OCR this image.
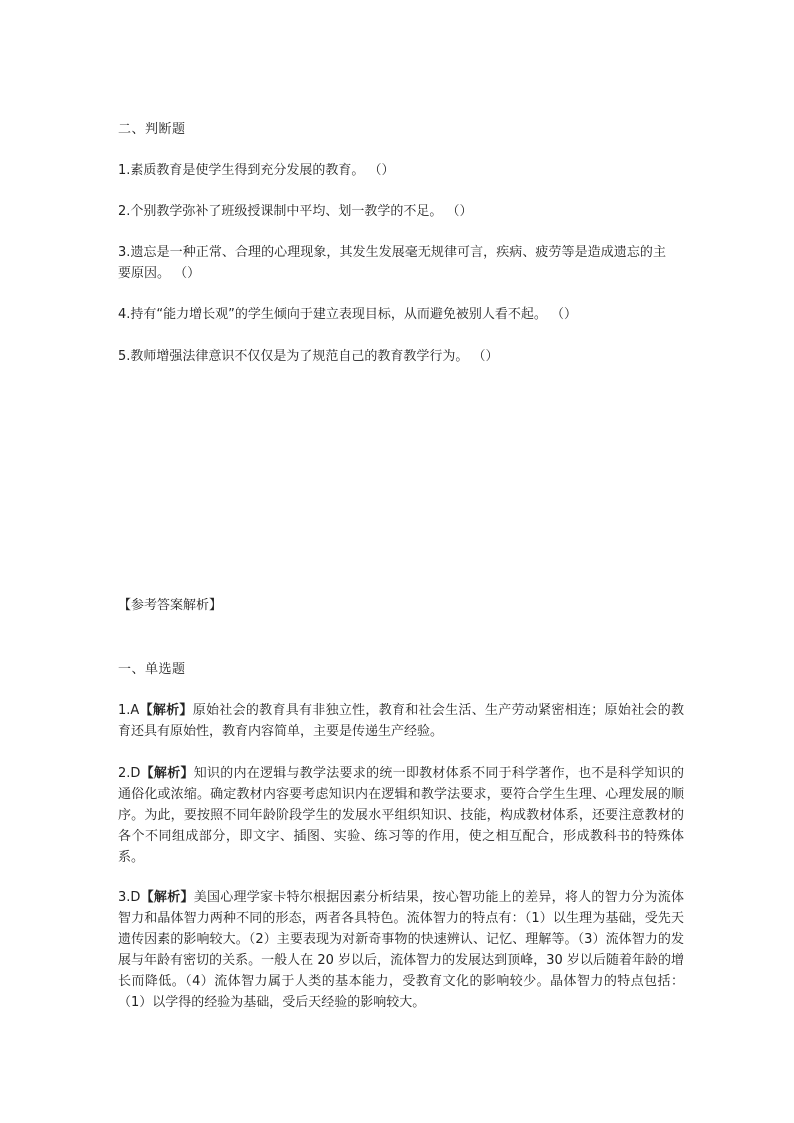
二、判断题
1.素质教育是使学生得到充分发展的教育。 （）
2.个别教学弥补了班级授课制中平均、划一教学的不足。 （）
3.遗忘是一种正常、合理的心理现象，其发生发展毫无规律可言，疾病、疲劳等是造成遗忘的主要原因。 （）
4.持有“能力增长观”的学生倾向于建立表现目标，从而避免被别人看不起。 （）
5.教师增强法律意识不仅仅是为了规范自己的教育教学行为。 （）
【参考答案解析】
一、单选题
1.A【解析】原始社会的教育具有非独立性，教育和社会生活、生产劳动紧密相连；原始社会的教育还具有原始性，教育内容简单，主要是传递生产经验。
2.D【解析】知识的内在逻辑与教学法要求的统一即教材体系不同于科学著作，也不是科学知识的通俗化或浓缩。确定教材内容要考虑知识内在逻辑和教学法要求，要符合学生生理、心理发展的顺序。为此，要按照不同年龄阶段学生的发展水平组织知识、技能，构成教材体系，还要注意教材的各个不同组成部分，即文字、插图、实验、练习等的作用，使之相互配合，形成教科书的特殊体系。
3.D【解析】美国心理学家卡特尔根据因素分析结果，按心智功能上的差异，将人的智力分为流体智力和晶体智力两种不同的形态，两者各具特色。流体智力的特点有：（1）以生理为基础，受先天遗传因素的影响较大。（2）主要表现为对新奇事物的快速辨认、记忆、理解等。（3）流体智力的发展与年龄有密切的关系。一般人在 20 岁以后，流体智力的发展达到顶峰，30 岁以后随着年龄的增长而降低。（4）流体智力属于人类的基本能力，受教育文化的影响较少。晶体智力的特点包括：（1）以学得的经验为基础，受后天经验的影响较大。
